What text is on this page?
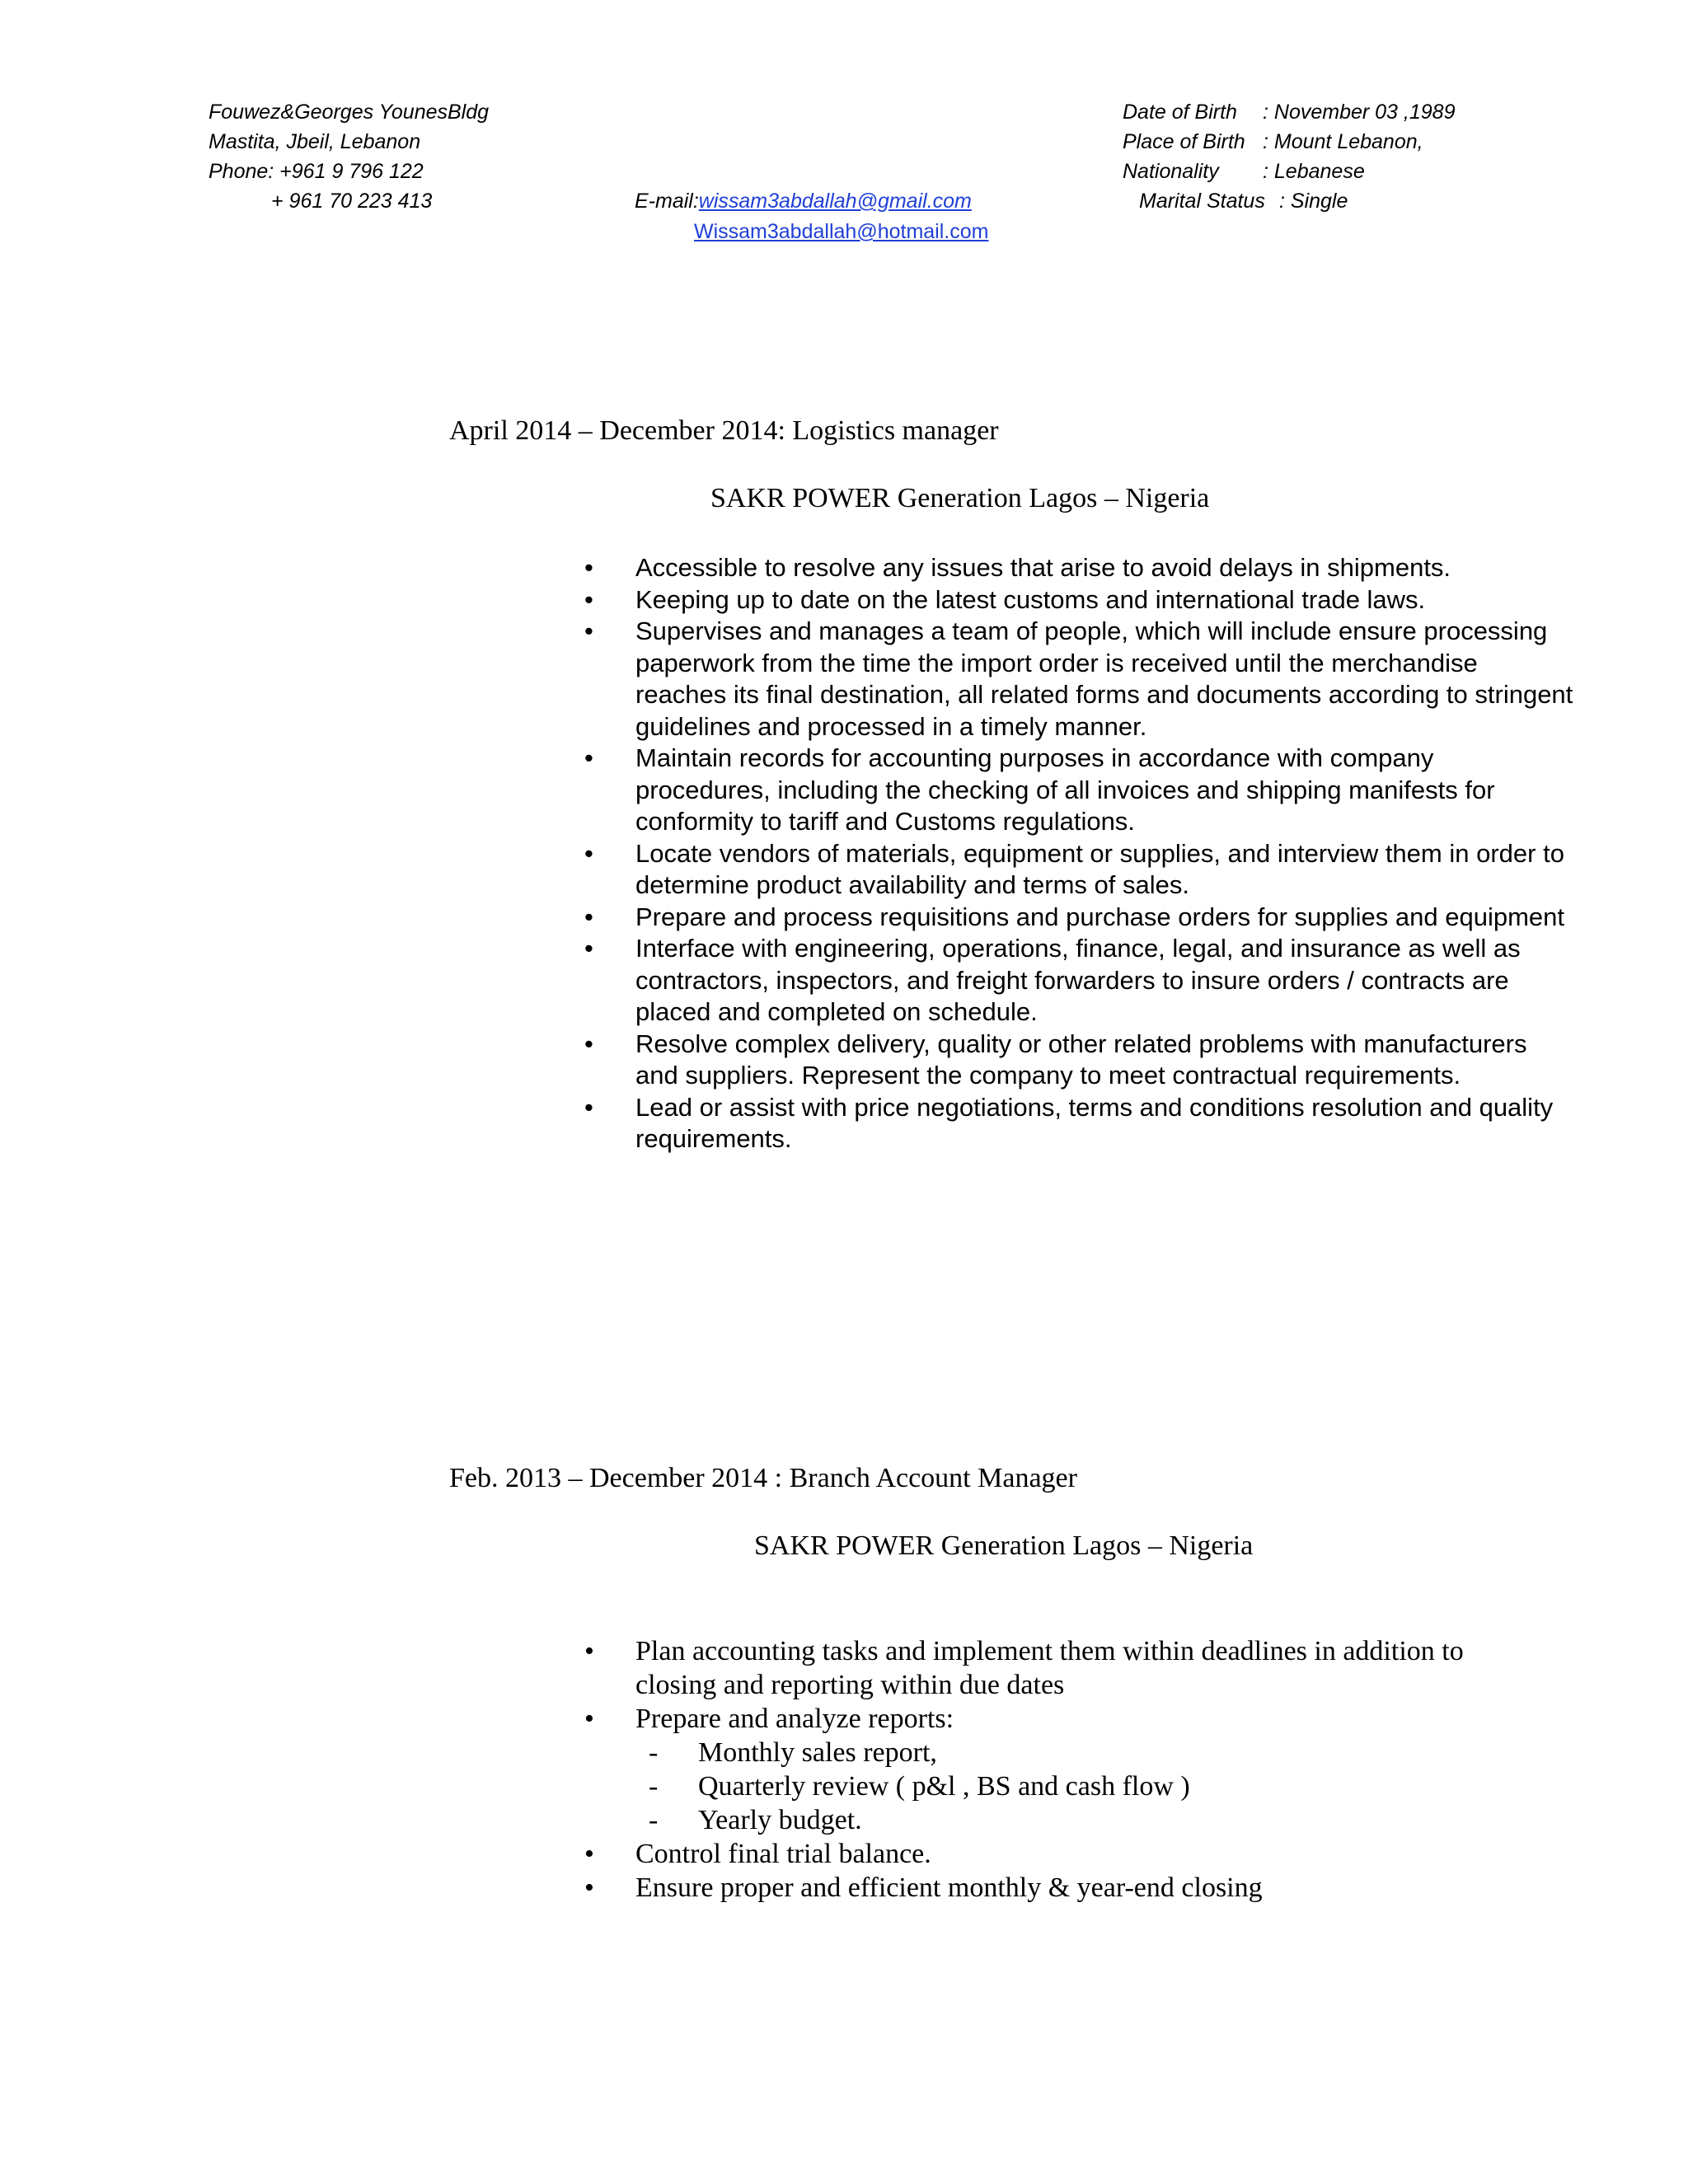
Fouwez&Georges YounesBldg
Mastita, Jbeil, Lebanon
Phone: +961 9 796 122
+ 961 70 223 413	E-mail:wissam3abdallah@gmail.com
Wissam3abdallah@hotmail.com
Date of Birth : November 03 ,1989
Place of Birth : Mount Lebanon,
Nationality : Lebanese
Marital Status : Single
April 2014 – December 2014: Logistics manager
SAKR POWER Generation Lagos – Nigeria
• Accessible to resolve any issues that arise to avoid delays in shipments.
• Keeping up to date on the latest customs and international trade laws.
• Supervises and manages a team of people, which will include ensure processing paperwork from the time the import order is received until the merchandise reaches its final destination, all related forms and documents according to stringent guidelines and processed in a timely manner.
• Maintain records for accounting purposes in accordance with company procedures, including the checking of all invoices and shipping manifests for conformity to tariff and Customs regulations.
• Locate vendors of materials, equipment or supplies, and interview them in order to determine product availability and terms of sales.
• Prepare and process requisitions and purchase orders for supplies and equipment
• Interface with engineering, operations, finance, legal, and insurance as well as contractors, inspectors, and freight forwarders to insure orders / contracts are placed and completed on schedule.
• Resolve complex delivery, quality or other related problems with manufacturers and suppliers. Represent the company to meet contractual requirements.
• Lead or assist with price negotiations, terms and conditions resolution and quality requirements.
Feb. 2013 – December 2014 : Branch Account Manager
SAKR POWER Generation Lagos – Nigeria
• Plan accounting tasks and implement them within deadlines in addition to closing and reporting within due dates
• Prepare and analyze reports:
- Monthly sales report,
- Quarterly review ( p&l , BS and cash flow )
- Yearly budget.
• Control final trial balance.
• Ensure proper and efficient monthly & year-end closing
